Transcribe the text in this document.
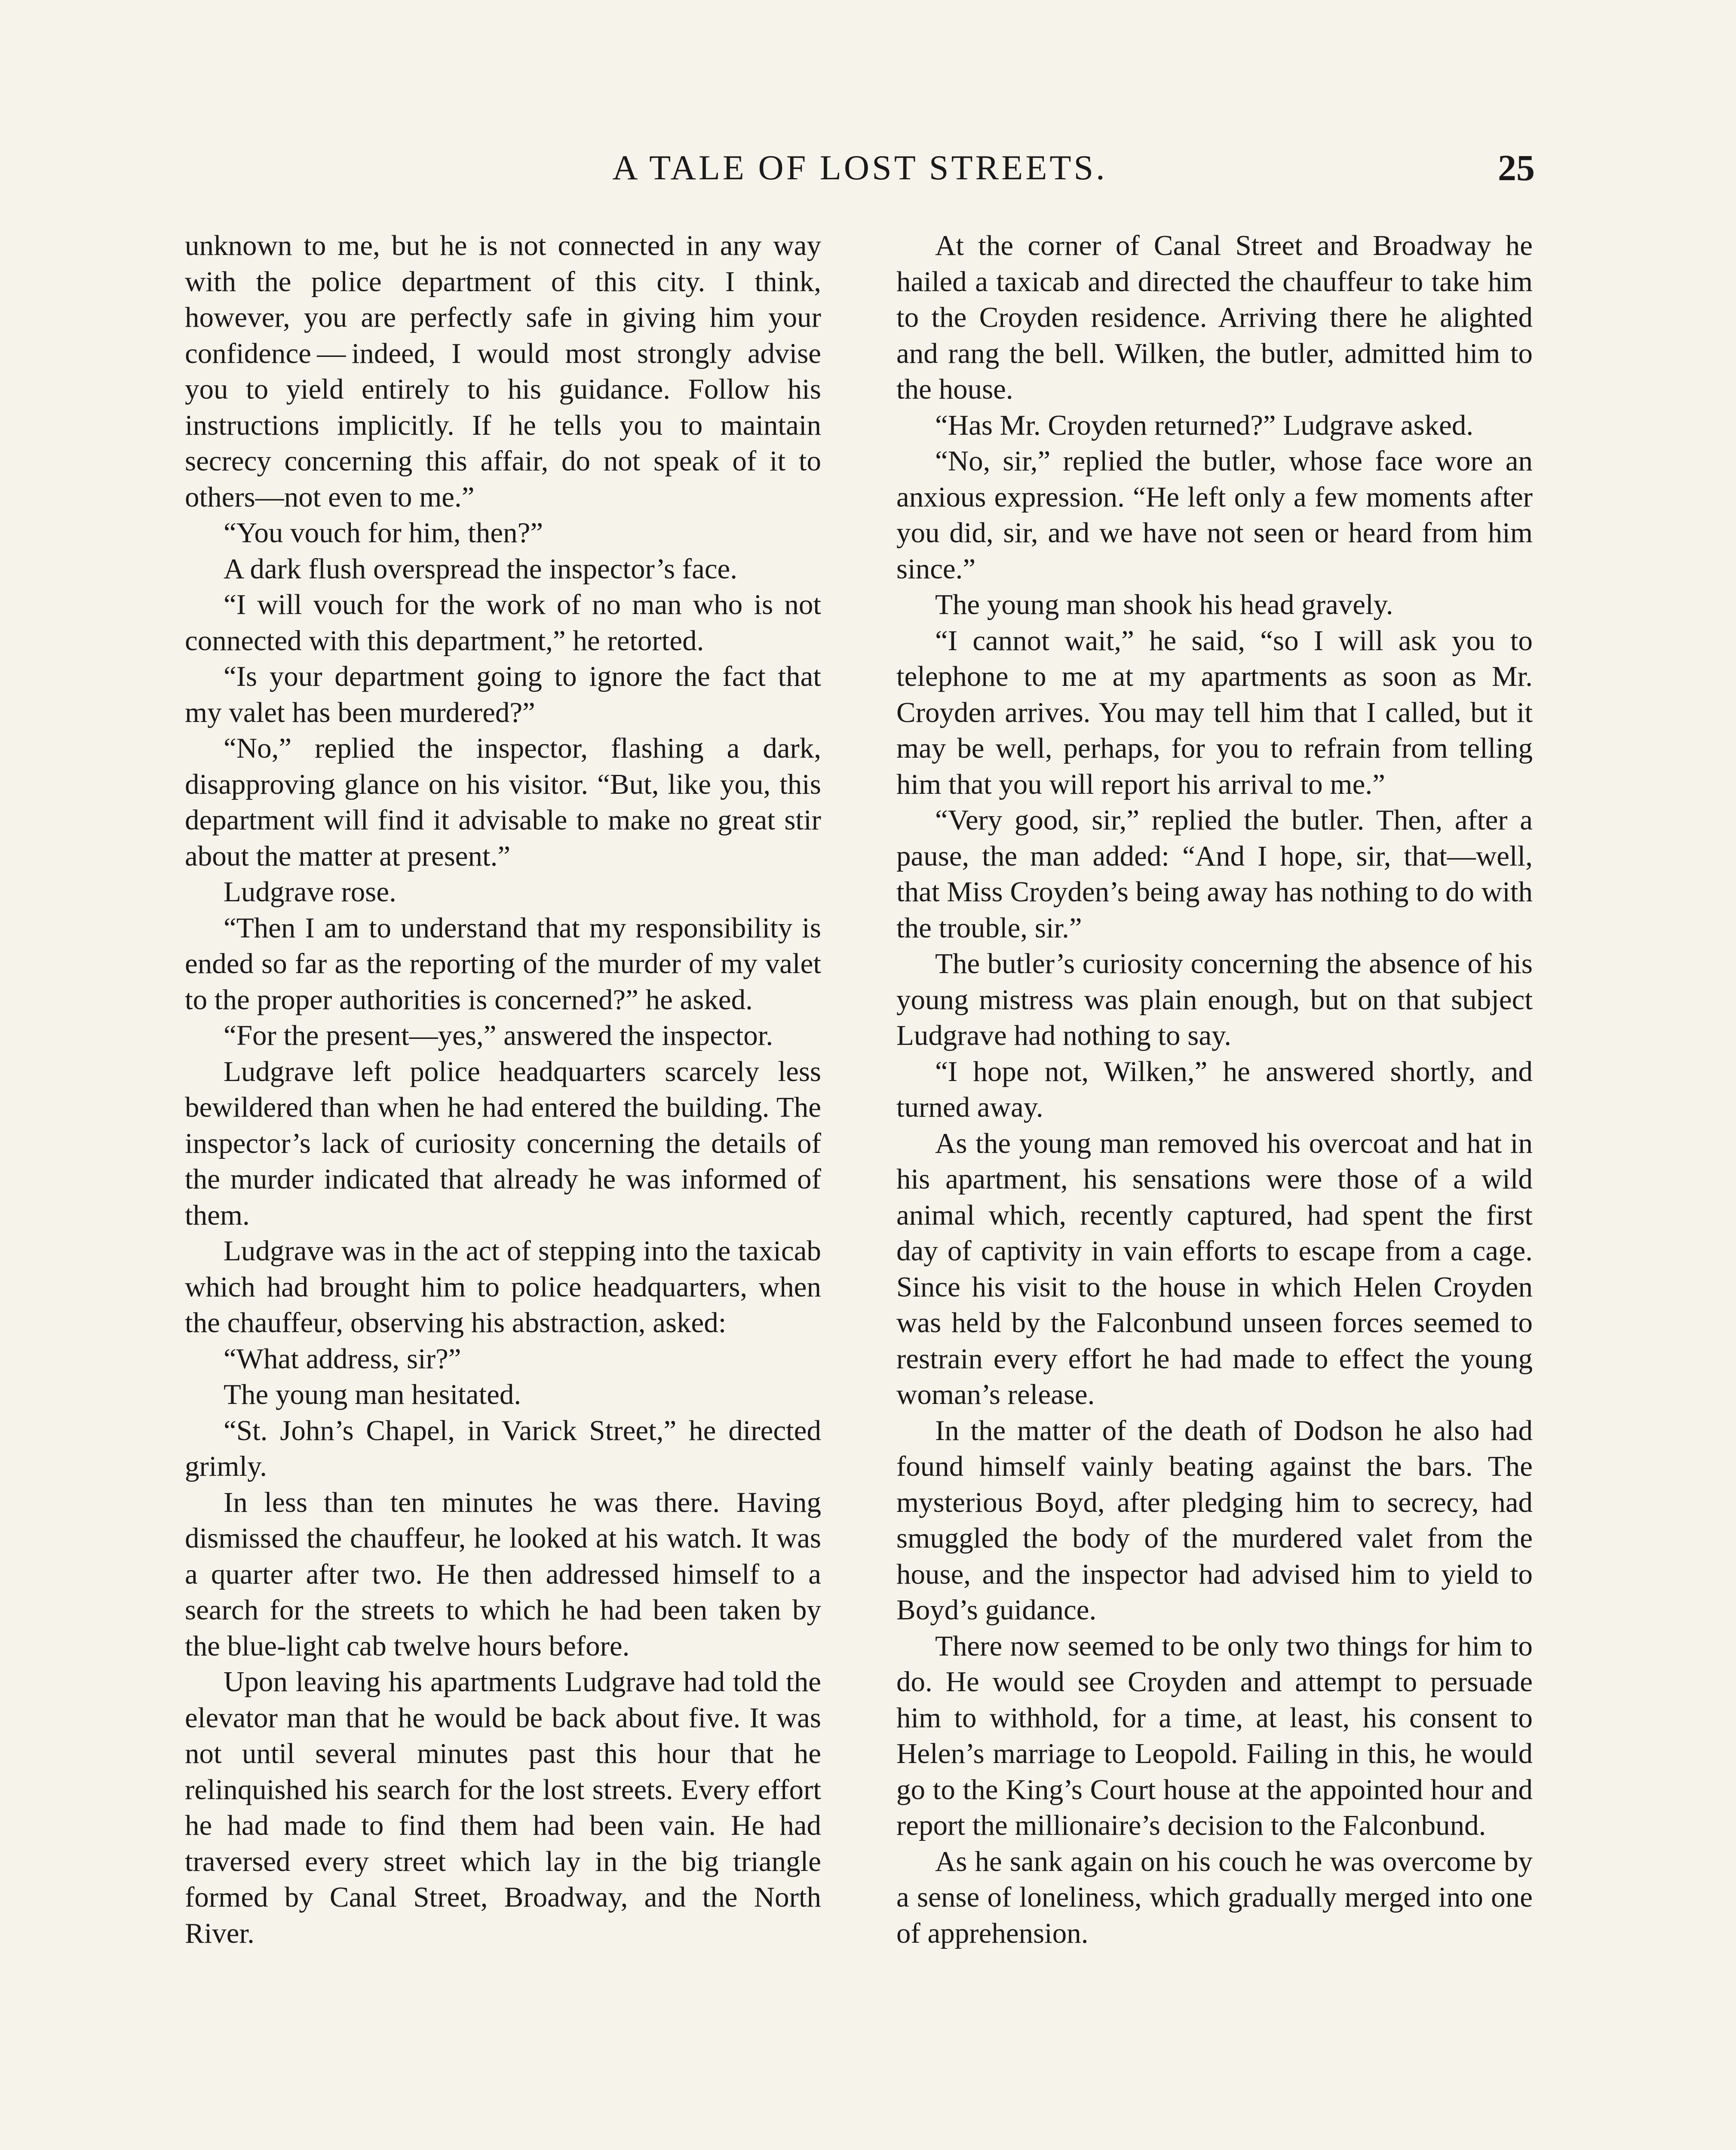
A TALE OF LOST STREETS.	25

unknown to me, but he is not connected in any way with the police department of this city. I think, however, you are perfectly safe in giving him your confidence — indeed, I would most strongly advise you to yield entirely to his guidance. Follow his instructions implicitly. If he tells you to maintain secrecy concerning this affair, do not speak of it to others—not even to me.”

“You vouch for him, then?”

A dark flush overspread the inspector’s face.

“I will vouch for the work of no man who is not connected with this department,” he retorted.

“Is your department going to ignore the fact that my valet has been murdered?”

“No,” replied the inspector, flashing a dark, disapproving glance on his visitor. “But, like you, this department will find it advisable to make no great stir about the matter at present.”

Ludgrave rose.

“Then I am to understand that my responsibility is ended so far as the reporting of the murder of my valet to the proper authorities is concerned?” he asked.

“For the present—yes,” answered the inspector.

Ludgrave left police headquarters scarcely less bewildered than when he had entered the building. The inspector’s lack of curiosity concerning the details of the murder indicated that already he was informed of them.

Ludgrave was in the act of stepping into the taxicab which had brought him to police headquarters, when the chauffeur, observing his abstraction, asked:

“What address, sir?”

The young man hesitated.

“St. John’s Chapel, in Varick Street,” he directed grimly.

In less than ten minutes he was there. Having dismissed the chauffeur, he looked at his watch. It was a quarter after two. He then addressed himself to a search for the streets to which he had been taken by the blue-light cab twelve hours before.

Upon leaving his apartments Ludgrave had told the elevator man that he would be back about five. It was not until several minutes past this hour that he relinquished his search for the lost streets. Every effort he had made to find them had been vain. He had traversed every street which lay in the big triangle formed by Canal Street, Broadway, and the North River.

At the corner of Canal Street and Broadway he hailed a taxicab and directed the chauffeur to take him to the Croyden residence. Arriving there he alighted and rang the bell. Wilken, the butler, admitted him to the house.

“Has Mr. Croyden returned?” Ludgrave asked.

“No, sir,” replied the butler, whose face wore an anxious expression. “He left only a few moments after you did, sir, and we have not seen or heard from him since.”

The young man shook his head gravely.

“I cannot wait,” he said, “so I will ask you to telephone to me at my apartments as soon as Mr. Croyden arrives. You may tell him that I called, but it may be well, perhaps, for you to refrain from telling him that you will report his arrival to me.”

“Very good, sir,” replied the butler. Then, after a pause, the man added: “And I hope, sir, that—well, that Miss Croyden’s being away has nothing to do with the trouble, sir.”

The butler’s curiosity concerning the absence of his young mistress was plain enough, but on that subject Ludgrave had nothing to say.

“I hope not, Wilken,” he answered shortly, and turned away.

As the young man removed his overcoat and hat in his apartment, his sensations were those of a wild animal which, recently captured, had spent the first day of captivity in vain efforts to escape from a cage. Since his visit to the house in which Helen Croyden was held by the Falconbund unseen forces seemed to restrain every effort he had made to effect the young woman’s release.

In the matter of the death of Dodson he also had found himself vainly beating against the bars. The mysterious Boyd, after pledging him to secrecy, had smuggled the body of the murdered valet from the house, and the inspector had advised him to yield to Boyd’s guidance.

There now seemed to be only two things for him to do. He would see Croyden and attempt to persuade him to withhold, for a time, at least, his consent to Helen’s marriage to Leopold. Failing in this, he would go to the King’s Court house at the appointed hour and report the millionaire’s decision to the Falconbund.

As he sank again on his couch he was overcome by a sense of loneliness, which gradually merged into one of apprehension.
